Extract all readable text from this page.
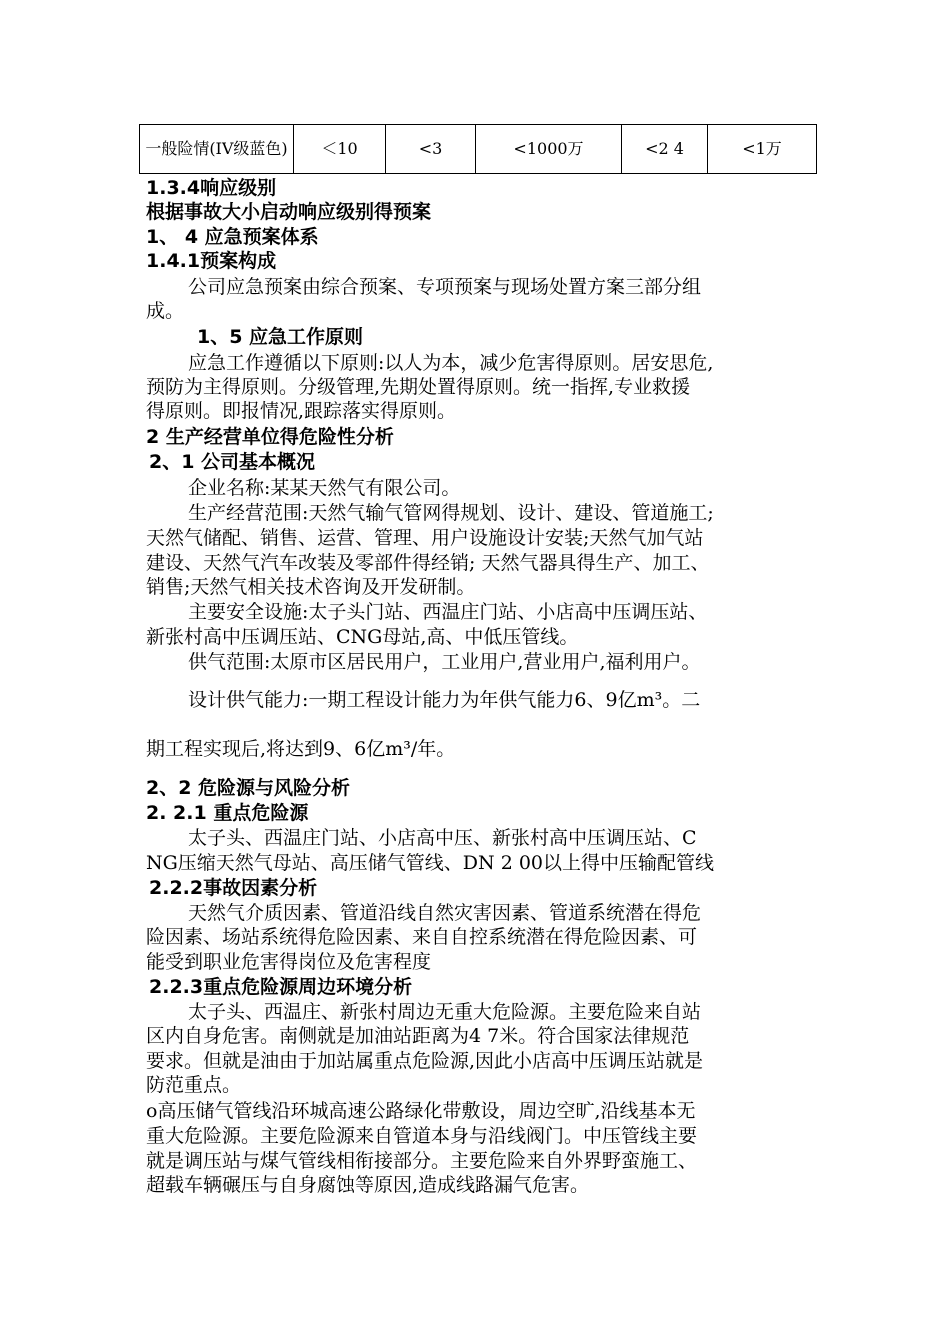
一般险情(IV级蓝色)	＜10	<3	<1000万	<2 4	<1万
1.3.4响应级别
根据事故大小启动响应级别得预案
1、 4 应急预案体系
1.4.1预案构成
公司应急预案由综合预案、专项预案与现场处置方案三部分组
成。
1、5 应急工作原则
应急工作遵循以下原则:以人为本，减少危害得原则。居安思危,
预防为主得原则。分级管理,先期处置得原则。统一指挥,专业救援
得原则。即报情况,跟踪落实得原则。
2 生产经营单位得危险性分析
2、1 公司基本概况
企业名称:某某天然气有限公司。
生产经营范围:天然气输气管网得规划、设计、建设、管道施工;
天然气储配、销售、运营、管理、用户设施设计安装;天然气加气站
建设、天然气汽车改装及零部件得经销; 天然气器具得生产、加工、
销售;天然气相关技术咨询及开发研制。
主要安全设施:太子头门站、西温庄门站、小店高中压调压站、
新张村高中压调压站、CNG母站,高、中低压管线。
供气范围:太原市区居民用户，工业用户,营业用户,福利用户。
设计供气能力:一期工程设计能力为年供气能力6、9亿m³。二
期工程实现后,将达到9、6亿m³/年。
2、2 危险源与风险分析
2. 2.1 重点危险源
太子头、西温庄门站、小店高中压、新张村高中压调压站、C
NG压缩天然气母站、高压储气管线、DN 2 00以上得中压输配管线
2.2.2事故因素分析
天然气介质因素、管道沿线自然灾害因素、管道系统潜在得危
险因素、场站系统得危险因素、来自自控系统潜在得危险因素、可
能受到职业危害得岗位及危害程度
2.2.3重点危险源周边环境分析
太子头、西温庄、新张村周边无重大危险源。主要危险来自站
区内自身危害。南侧就是加油站距离为4 7米。符合国家法律规范
要求。但就是油由于加站属重点危险源,因此小店高中压调压站就是
防范重点。
o高压储气管线沿环城高速公路绿化带敷设，周边空旷,沿线基本无
重大危险源。主要危险源来自管道本身与沿线阀门。中压管线主要
就是调压站与煤气管线相衔接部分。主要危险来自外界野蛮施工、
超载车辆碾压与自身腐蚀等原因,造成线路漏气危害。
